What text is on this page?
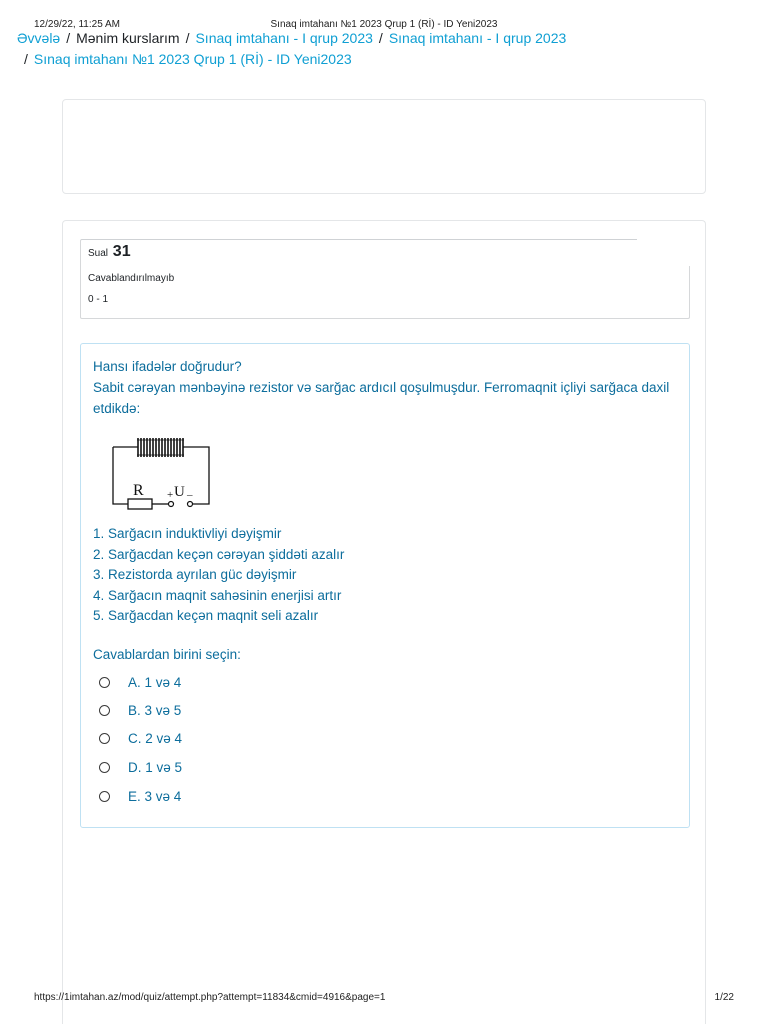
12/29/22, 11:25 AM	Sınaq imtahanı №1 2023 Qrup 1 (Rİ) - ID Yeni2023
Əvvələ / Mənim kurslarım / Sınaq imtahanı - I qrup 2023 / Sınaq imtahanı - I qrup 2023
/ Sınaq imtahanı №1 2023 Qrup 1 (Rİ) - ID Yeni2023
Sual 31
Cavablandırılmayıb
0 - 1

Hansı ifadələr doğrudur?

Sabit cərəyan mənbəyinə rezistor və sarğac ardıcıl qoşulmuşdur. Ferromaqnit içliyi sarğaca daxil etdikdə:

R + U –
1. Sarğacın induktivliyi dəyişmir
2. Sarğacdan keçən cərəyan şiddəti azalır
3. Rezistorda ayrılan güc dəyişmir
4. Sarğacın maqnit sahəsinin enerjisi artır
5. Sarğacdan keçən maqnit seli azalır
Cavablardan birini seçin:
A. 1 və 4
B. 3 və 5
C. 2 və 4
D. 1 və 5
E. 3 və 4
https://1imtahan.az/mod/quiz/attempt.php?attempt=11834&cmid=4916&page=1	1/22
